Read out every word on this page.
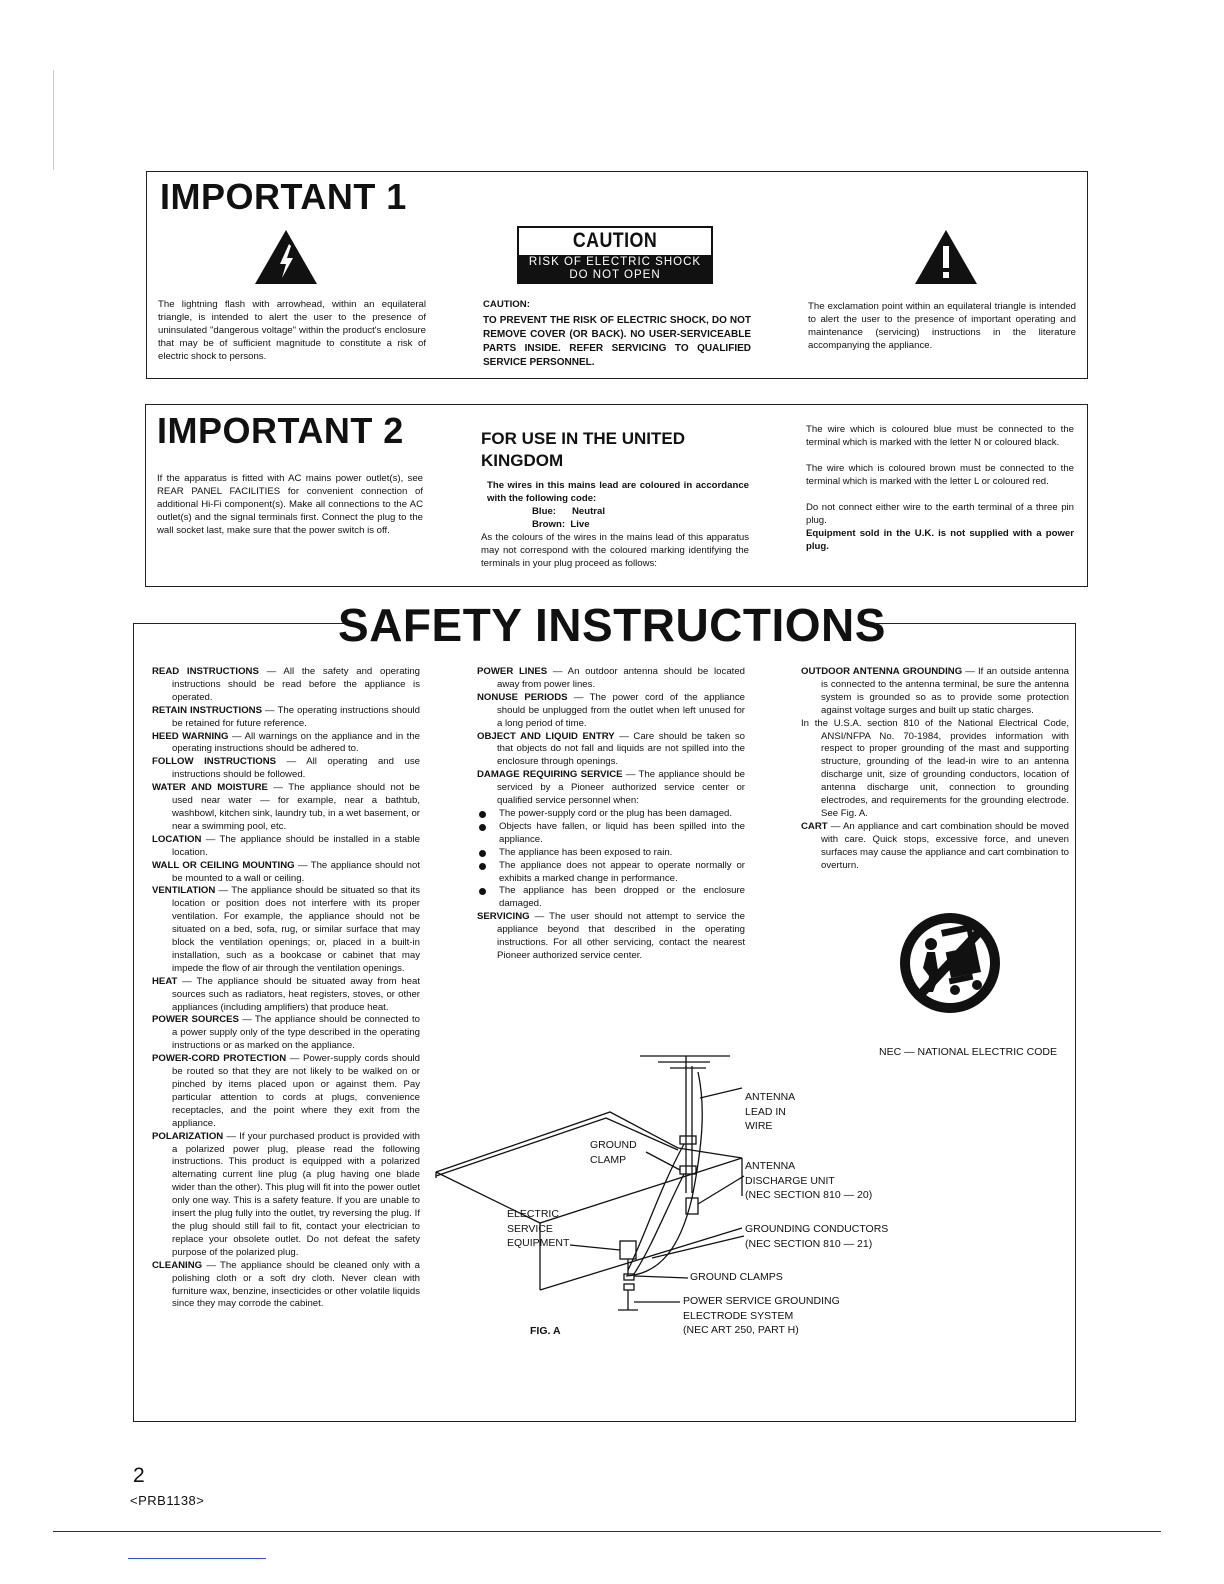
IMPORTANT 1
The lightning flash with arrowhead, within an equilateral triangle, is intended to alert the user to the presence of uninsulated "dangerous voltage" within the product's enclosure that may be of sufficient magnitude to constitute a risk of electric shock to persons.
CAUTION
RISK OF ELECTRIC SHOCK
DO NOT OPEN
CAUTION:
TO PREVENT THE RISK OF ELECTRIC SHOCK, DO NOT REMOVE COVER (OR BACK). NO USER-SERVICEABLE PARTS INSIDE. REFER SERVICING TO QUALIFIED SERVICE PERSONNEL.
The exclamation point within an equilateral triangle is intended to alert the user to the presence of important operating and maintenance (servicing) instructions in the literature accompanying the appliance.
IMPORTANT 2
If the apparatus is fitted with AC mains power outlet(s), see REAR PANEL FACILITIES for convenient connection of additional Hi-Fi component(s). Make all connections to the AC outlet(s) and the signal terminals first. Connect the plug to the wall socket last, make sure that the power switch is off.
FOR USE IN THE UNITED KINGDOM
The wires in this mains lead are coloured in accordance with the following code:
Blue:      Neutral
Brown:  Live
As the colours of the wires in the mains lead of this apparatus may not correspond with the coloured marking identifying the terminals in your plug proceed as follows:
The wire which is coloured blue must be connected to the terminal which is marked with the letter N or coloured black.
The wire which is coloured brown must be connected to the terminal which is marked with the letter L or coloured red.
Do not connect either wire to the earth terminal of a three pin plug.
Equipment sold in the U.K. is not supplied with a power plug.
SAFETY INSTRUCTIONS
READ INSTRUCTIONS — All the safety and operating instructions should be read before the appliance is operated.
RETAIN INSTRUCTIONS — The operating instructions should be retained for future reference.
HEED WARNING — All warnings on the appliance and in the operating instructions should be adhered to.
FOLLOW INSTRUCTIONS — All operating and use instructions should be followed.
WATER AND MOISTURE — The appliance should not be used near water — for example, near a bathtub, washbowl, kitchen sink, laundry tub, in a wet basement, or near a swimming pool, etc.
LOCATION — The appliance should be installed in a stable location.
WALL OR CEILING MOUNTING — The appliance should not be mounted to a wall or ceiling.
VENTILATION — The appliance should be situated so that its location or position does not interfere with its proper ventilation. For example, the appliance should not be situated on a bed, sofa, rug, or similar surface that may block the ventilation openings; or, placed in a built-in installation, such as a bookcase or cabinet that may impede the flow of air through the ventilation openings.
HEAT — The appliance should be situated away from heat sources such as radiators, heat registers, stoves, or other appliances (including amplifiers) that produce heat.
POWER SOURCES — The appliance should be connected to a power supply only of the type described in the operating instructions or as marked on the appliance.
POWER-CORD PROTECTION — Power-supply cords should be routed so that they are not likely to be walked on or pinched by items placed upon or against them. Pay particular attention to cords at plugs, convenience receptacles, and the point where they exit from the appliance.
POLARIZATION — If your purchased product is provided with a polarized power plug, please read the following instructions. This product is equipped with a polarized alternating current line plug (a plug having one blade wider than the other). This plug will fit into the power outlet only one way. This is a safety feature. If you are unable to insert the plug fully into the outlet, try reversing the plug. If the plug should still fail to fit, contact your electrician to replace your obsolete outlet. Do not defeat the safety purpose of the polarized plug.
CLEANING — The appliance should be cleaned only with a polishing cloth or a soft dry cloth. Never clean with furniture wax, benzine, insecticides or other volatile liquids since they may corrode the cabinet.
POWER LINES — An outdoor antenna should be located away from power lines.
NONUSE PERIODS — The power cord of the appliance should be unplugged from the outlet when left unused for a long period of time.
OBJECT AND LIQUID ENTRY — Care should be taken so that objects do not fall and liquids are not spilled into the enclosure through openings.
DAMAGE REQUIRING SERVICE — The appliance should be serviced by a Pioneer authorized service center or qualified service personnel when:
The power-supply cord or the plug has been damaged.
Objects have fallen, or liquid has been spilled into the appliance.
The appliance has been exposed to rain.
The appliance does not appear to operate normally or exhibits a marked change in performance.
The appliance has been dropped or the enclosure damaged.
SERVICING — The user should not attempt to service the appliance beyond that described in the operating instructions. For all other servicing, contact the nearest Pioneer authorized service center.
OUTDOOR ANTENNA GROUNDING — If an outside antenna is connected to the antenna terminal, be sure the antenna system is grounded so as to provide some protection against voltage surges and built up static charges.
In the U.S.A. section 810 of the National Electrical Code, ANSI/NFPA No. 70-1984, provides information with respect to proper grounding of the mast and supporting structure, grounding of the lead-in wire to an antenna discharge unit, size of grounding conductors, location of antenna discharge unit, connection to grounding electrodes, and requirements for the grounding electrode. See Fig. A.
CART — An appliance and cart combination should be moved with care. Quick stops, excessive force, and uneven surfaces may cause the appliance and cart combination to overturn.
NEC — NATIONAL ELECTRIC CODE
ANTENNA
LEAD IN
WIRE
GROUND
CLAMP
ANTENNA
DISCHARGE UNIT
(NEC SECTION 810 — 20)
ELECTRIC
SERVICE
EQUIPMENT
GROUNDING CONDUCTORS
(NEC SECTION 810 — 21)
GROUND CLAMPS
POWER SERVICE GROUNDING
ELECTRODE SYSTEM
(NEC ART 250, PART H)
FIG. A
2
<PRB1138>
